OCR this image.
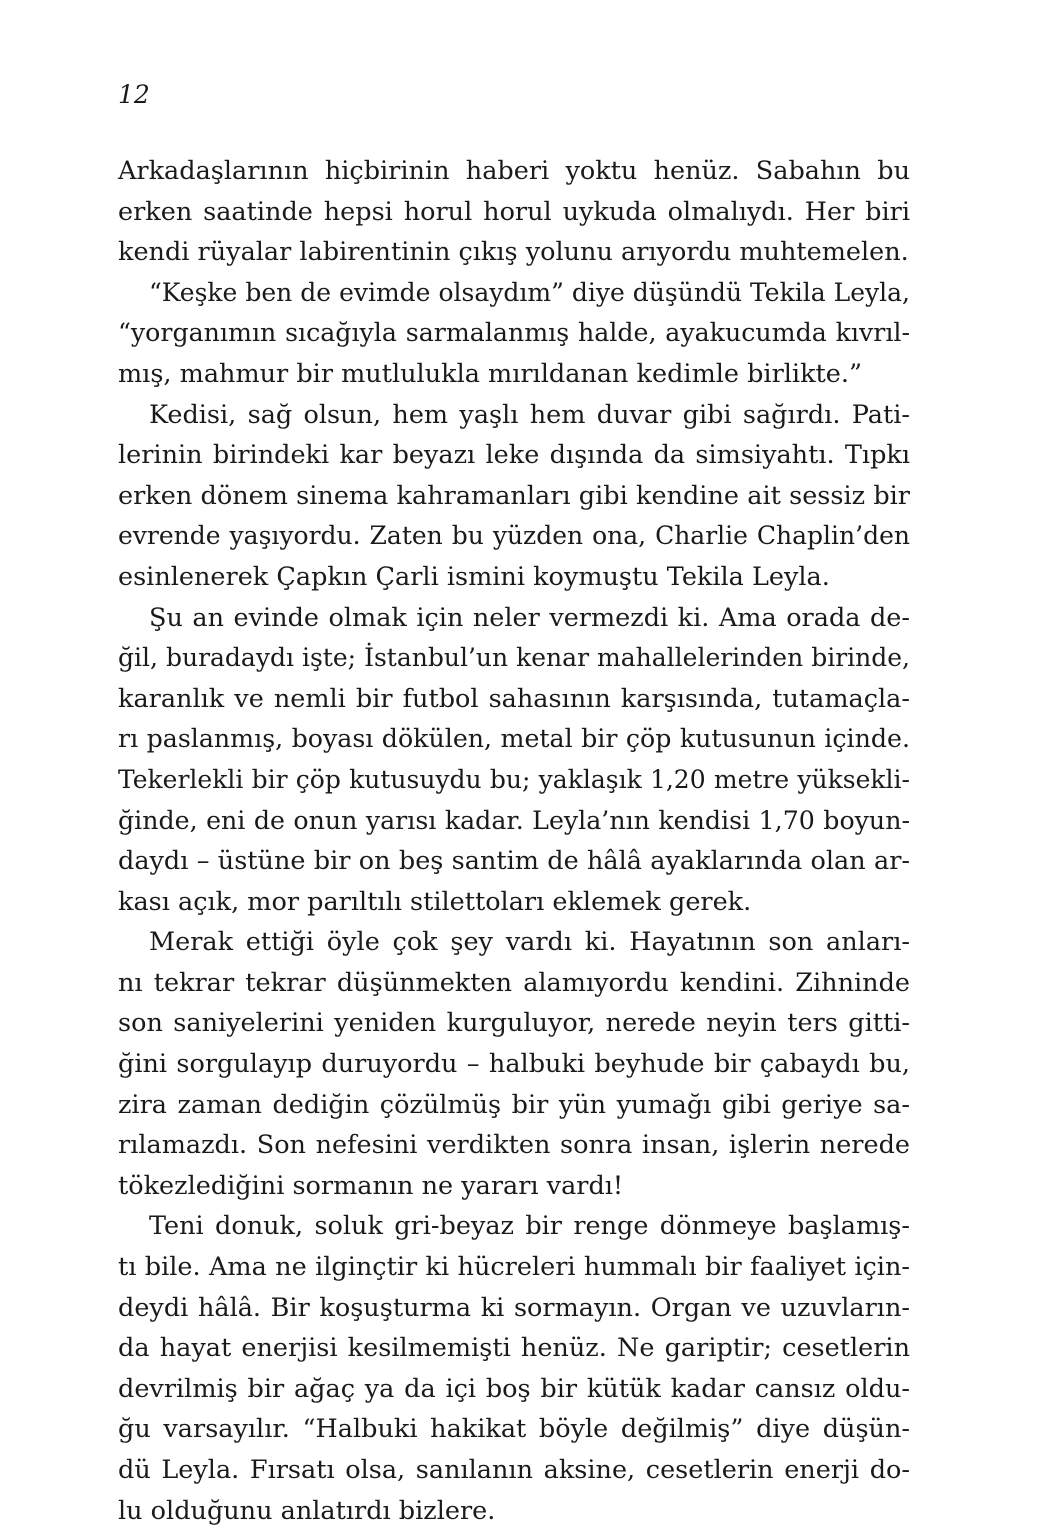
12

Arkadaşlarının hiçbirinin haberi yoktu henüz. Sabahın bu
erken saatinde hepsi horul horul uykuda olmalıydı. Her biri
kendi rüyalar labirentinin çıkış yolunu arıyordu muhtemelen.

“Keşke ben de evimde olsaydım” diye düşündü Tekila Leyla,
“yorganımın sıcağıyla sarmalanmış halde, ayakucumda kıvrıl-
mış, mahmur bir mutlulukla mırıldanan kedimle birlikte.”

Kedisi, sağ olsun, hem yaşlı hem duvar gibi sağırdı. Pati-
lerinin birindeki kar beyazı leke dışında da simsiyahtı. Tıpkı
erken dönem sinema kahramanları gibi kendine ait sessiz bir
evrende yaşıyordu. Zaten bu yüzden ona, Charlie Chaplin’den
esinlenerek Çapkın Çarli ismini koymuştu Tekila Leyla.

Şu an evinde olmak için neler vermezdi ki. Ama orada de-
ğil, buradaydı işte; İstanbul’un kenar mahallelerinden birinde,
karanlık ve nemli bir futbol sahasının karşısında, tutamaçla-
rı paslanmış, boyası dökülen, metal bir çöp kutusunun içinde.
Tekerlekli bir çöp kutusuydu bu; yaklaşık 1,20 metre yüksekli-
ğinde, eni de onun yarısı kadar. Leyla’nın kendisi 1,70 boyun-
daydı – üstüne bir on beş santim de hâlâ ayaklarında olan ar-
kası açık, mor parıltılı stilettoları eklemek gerek.

Merak ettiği öyle çok şey vardı ki. Hayatının son anları-
nı tekrar tekrar düşünmekten alamıyordu kendini. Zihninde
son saniyelerini yeniden kurguluyor, nerede neyin ters gitti-
ğini sorgulayıp duruyordu – halbuki beyhude bir çabaydı bu,
zira zaman dediğin çözülmüş bir yün yumağı gibi geriye sa-
rılamazdı. Son nefesini verdikten sonra insan, işlerin nerede
tökezlediğini sormanın ne yararı vardı!

Teni donuk, soluk gri-beyaz bir renge dönmeye başlamış-
tı bile. Ama ne ilginçtir ki hücreleri hummalı bir faaliyet için-
deydi hâlâ. Bir koşuşturma ki sormayın. Organ ve uzuvların-
da hayat enerjisi kesilmemişti henüz. Ne gariptir; cesetlerin
devrilmiş bir ağaç ya da içi boş bir kütük kadar cansız oldu-
ğu varsayılır. “Halbuki hakikat böyle değilmiş” diye düşün-
dü Leyla. Fırsatı olsa, sanılanın aksine, cesetlerin enerji do-
lu olduğunu anlatırdı bizlere.
